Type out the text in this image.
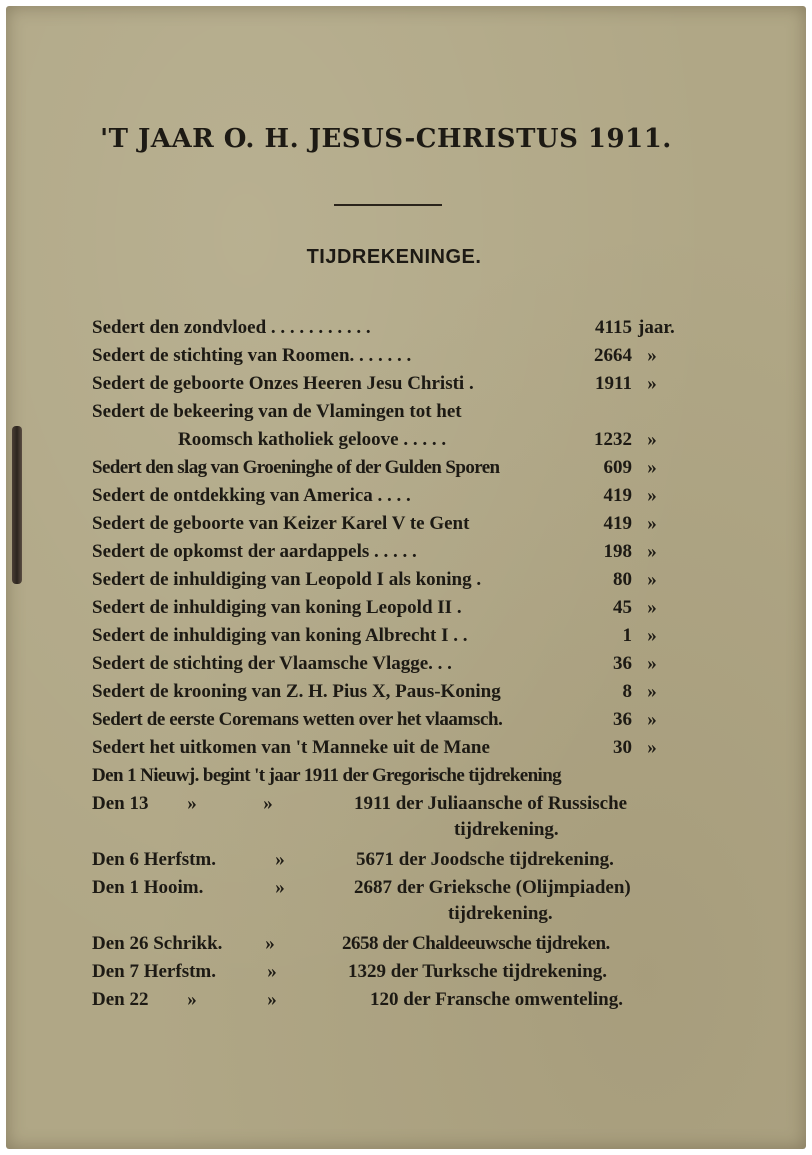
'T JAAR O. H. JESUS-CHRISTUS 1911.
TIJDREKENINGE.
Sedert den zondvloed . . . . . . . . . . .	4115 jaar.
Sedert de stichting van Roomen. . . . . . .	2664 »
Sedert de geboorte Onzes Heeren Jesu Christi .	1911 »
Sedert de bekeering van de Vlamingen tot het
Roomsch katholiek geloove . . . . .	1232 »
Sedert den slag van Groeninghe of der Gulden Sporen	609 »
Sedert de ontdekking van America . . . .	419 »
Sedert de geboorte van Keizer Karel V te Gent	419 »
Sedert de opkomst der aardappels . . . . .	198 »
Sedert de inhuldiging van Leopold I als koning .	80 »
Sedert de inhuldiging van koning Leopold II .	45 »
Sedert de inhuldiging van koning Albrecht I . .	1 »
Sedert de stichting der Vlaamsche Vlagge. . .	36 »
Sedert de krooning van Z. H. Pius X, Paus-Koning	8 »
Sedert de eerste Coremans wetten over het vlaamsch.	36 »
Sedert het uitkomen van 't Manneke uit de Mane	30 »
Den 1 Nieuwj. begint 't jaar 1911 der Gregorische tijdrekening
Den 13 »	»	1911 der Juliaansche of Russische
tijdrekening.
Den 6 Herfstm.	»	5671 der Joodsche tijdrekening.
Den 1 Hooim.	»	2687 der Grieksche (Olijmpiaden)
tijdrekening.
Den 26 Schrikk. »	2658 der Chaldeeuwsche tijdreken.
Den 7 Herfstm.	»	1329 der Turksche tijdrekening.
Den 22 »	»	120 der Fransche omwenteling.
